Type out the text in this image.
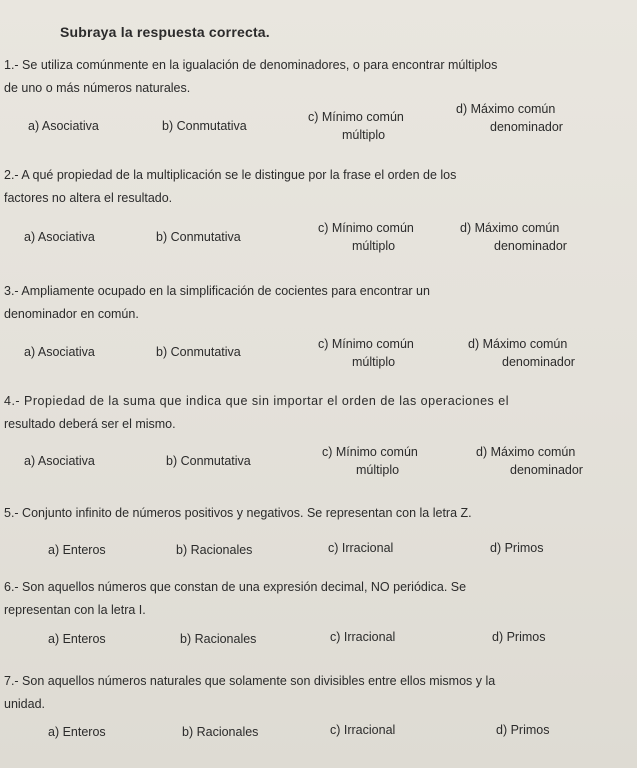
Subraya la respuesta correcta.
1.- Se utiliza comúnmente en la igualación de denominadores, o para encontrar múltiplos
de uno o más números naturales.
a) Asociativa	b) Conmutativa
c) Mínimo común
múltiplo
d) Máximo común
denominador
2.- A qué propiedad de la multiplicación se le distingue por la frase el orden de los
factores no altera el resultado.
a) Asociativa	b) Conmutativa
c) Mínimo común
múltiplo
d) Máximo común
denominador
3.- Ampliamente ocupado en la simplificación de cocientes para encontrar un
denominador en común.
a) Asociativa	b) Conmutativa
c) Mínimo común
múltiplo
d) Máximo común
denominador
4.- Propiedad de la suma que indica que sin importar el orden de las operaciones el
resultado deberá ser el mismo.
a) Asociativa	b) Conmutativa
c) Mínimo común
múltiplo
d) Máximo común
denominador
5.- Conjunto infinito de números positivos y negativos. Se representan con la letra Z.
a) Enteros	b) Racionales	c) Irracional	d) Primos
6.- Son aquellos números que constan de una expresión decimal, NO periódica. Se
representan con la letra I.
a) Enteros	b) Racionales	c) Irracional	d) Primos
7.- Son aquellos números naturales que solamente son divisibles entre ellos mismos y la
unidad.
a) Enteros	b) Racionales	c) Irracional	d) Primos
